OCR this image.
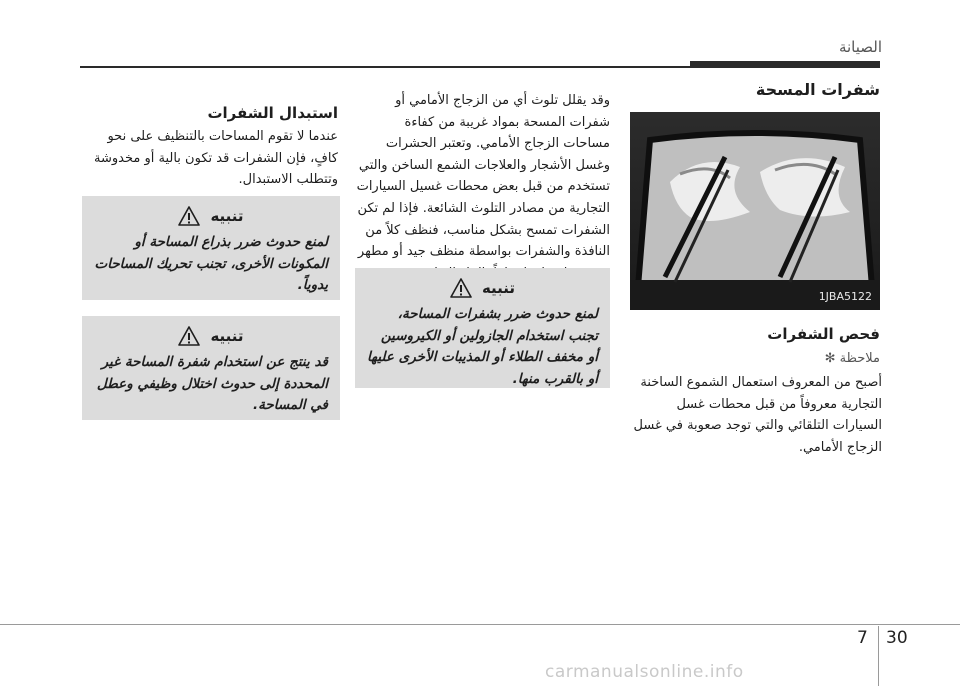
الصيانة
شفرات المسحة
1JBA5122
فحص الشفرات
ملاحظة ✻
أصبح من المعروف استعمال الشموع الساخنة التجارية معروفاً من قبل محطات غسل السيارات التلقائي والتي توجد صعوبة في غسل الزجاج الأمامي.
وقد يقلل تلوث أي من الزجاج الأمامي أو شفرات المسحة بمواد غريبة من كفاءة مساحات الزجاج الأمامي. وتعتبر الحشرات وغسل الأشجار والعلاجات الشمع الساخن والتي تستخدم من قبل بعض محطات غسيل السيارات التجارية من مصادر التلوث الشائعة. فإذا لم تكن الشفرات تمسح بشكل مناسب، فنظف كلاً من النافذة والشفرات بواسطة منظف جيد أو مطهر
تنبيه
لمنع حدوث ضرر بشفرات المساحة، تجنب استخدام الجازولين أو الكيروسين أو مخفف الطلاء أو المذيبات الأخرى عليها أو بالقرب منها.
استبدال الشفرات
عندما لا تقوم المساحات بالتنظيف على نحو كافٍ، فإن الشفرات قد تكون بالية أو مخدوشة وتتطلب الاستبدال.
تنبيه
لمنع حدوث ضرر بذراع المساحة أو المكونات الأخرى، تجنب تحريك المساحات يدوياً.
تنبيه
قد ينتج عن استخدام شفرة المساحة غير المحددة إلى حدوث اختلال وظيفي وعطل في المساحة.
7 30
carmanualsonline.info
